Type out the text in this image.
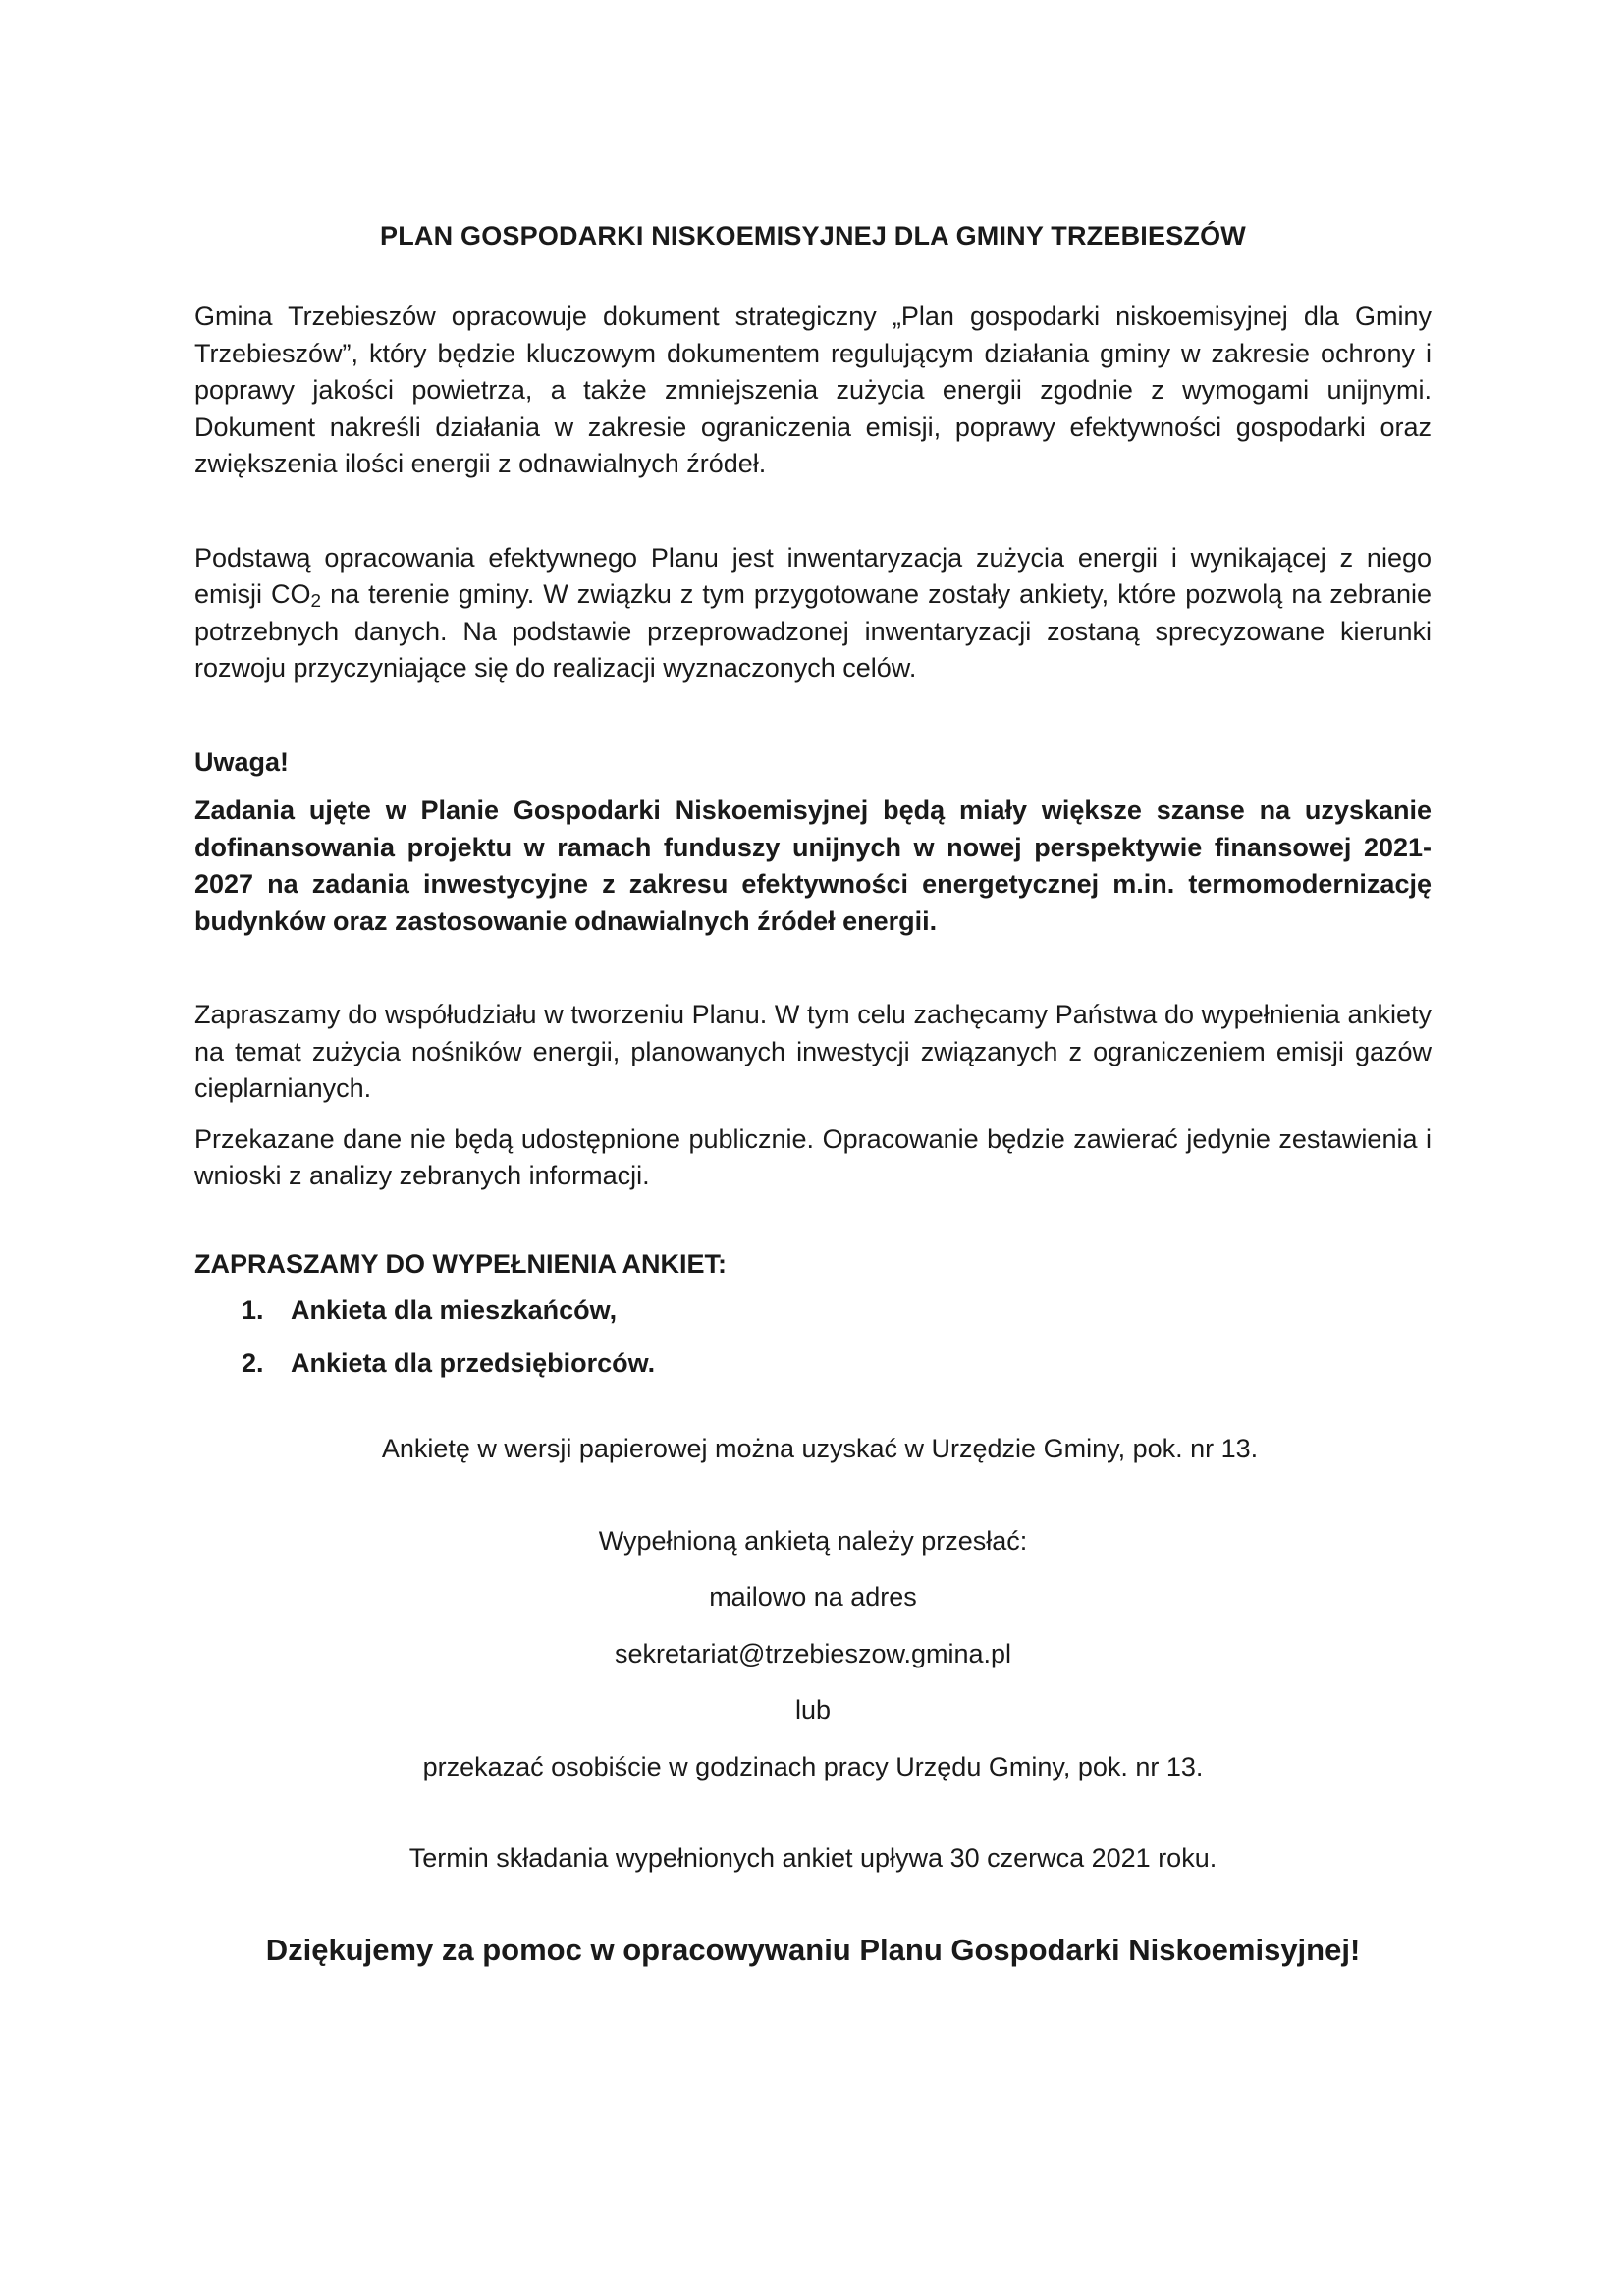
PLAN GOSPODARKI NISKOEMISYJNEJ DLA GMINY TRZEBIESZÓW

Gmina Trzebieszów opracowuje dokument strategiczny „Plan gospodarki niskoemisyjnej dla Gminy Trzebieszów”, który będzie kluczowym dokumentem regulującym działania gminy w zakresie ochrony i poprawy jakości powietrza, a także zmniejszenia zużycia energii zgodnie z wymogami unijnymi. Dokument nakreśli działania w zakresie ograniczenia emisji, poprawy efektywności gospodarki oraz zwiększenia ilości energii z odnawialnych źródeł.

Podstawą opracowania efektywnego Planu jest inwentaryzacja zużycia energii i wynikającej z niego emisji $CO_2$ na terenie gminy. W związku z tym przygotowane zostały ankiety, które pozwolą na zebranie potrzebnych danych. Na podstawie przeprowadzonej inwentaryzacji zostaną sprecyzowane kierunki rozwoju przyczyniające się do realizacji wyznaczonych celów.

Uwaga!

Zadania ujęte w Planie Gospodarki Niskoemisyjnej będą miały większe szanse na uzyskanie dofinansowania projektu w ramach funduszy unijnych w nowej perspektywie finansowej 2021-2027 na zadania inwestycyjne z zakresu efektywności energetycznej m.in. termomodernizację budynków oraz zastosowanie odnawialnych źródeł energii.

Zapraszamy do współudziału w tworzeniu Planu. W tym celu zachęcamy Państwa do wypełnienia ankiety na temat zużycia nośników energii, planowanych inwestycji związanych z ograniczeniem emisji gazów cieplarnianych.

Przekazane dane nie będą udostępnione publicznie. Opracowanie będzie zawierać jedynie zestawienia i wnioski z analizy zebranych informacji.

ZAPRASZAMY DO WYPEŁNIENIA ANKIET:

1.	Ankieta dla mieszkańców,
2.	Ankieta dla przedsiębiorców.

Ankietę w wersji papierowej można uzyskać w Urzędzie Gminy, pok. nr 13.

Wypełnioną ankietą należy przesłać:

mailowo na adres

sekretariat@trzebieszow.gmina.pl

lub

przekazać osobiście w godzinach pracy Urzędu Gminy, pok. nr 13.

Termin składania wypełnionych ankiet upływa 30 czerwca 2021 roku.

Dziękujemy za pomoc w opracowywaniu Planu Gospodarki Niskoemisyjnej!
